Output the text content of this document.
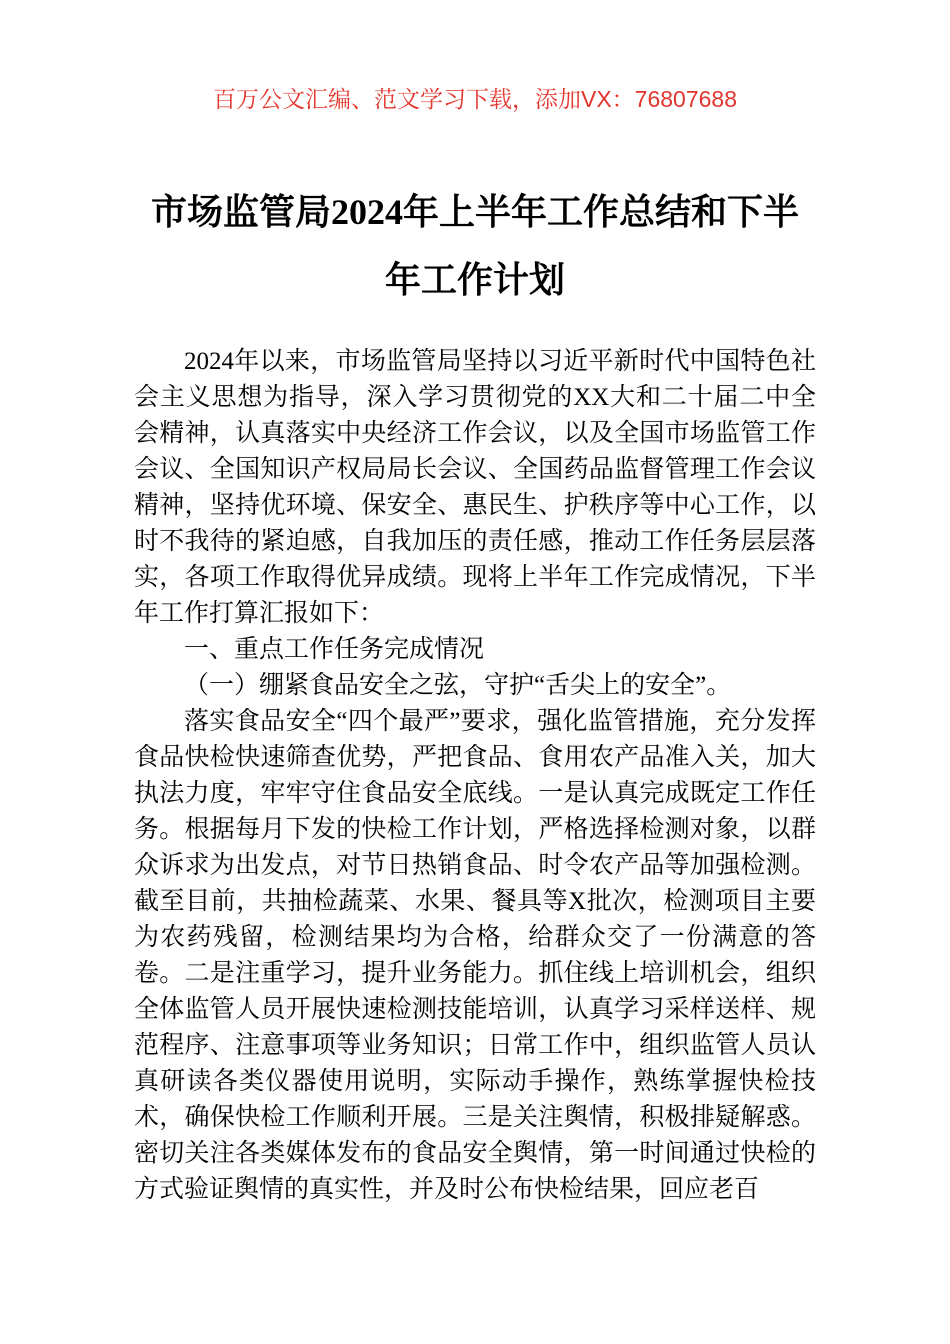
百万公文汇编、范文学习下载，添加VX：76807688
市场监管局2024年上半年工作总结和下半年工作计划

2024年以来，市场监管局坚持以习近平新时代中国特色社会主义思想为指导，深入学习贯彻党的XX大和二十届二中全会精神，认真落实中央经济工作会议，以及全国市场监管工作会议、全国知识产权局局长会议、全国药品监督管理工作会议精神，坚持优环境、保安全、惠民生、护秩序等中心工作，以时不我待的紧迫感，自我加压的责任感，推动工作任务层层落实，各项工作取得优异成绩。现将上半年工作完成情况，下半年工作打算汇报如下：

一、重点工作任务完成情况

（一）绷紧食品安全之弦，守护“舌尖上的安全”。

落实食品安全“四个最严”要求，强化监管措施，充分发挥食品快检快速筛查优势，严把食品、食用农产品准入关，加大执法力度，牢牢守住食品安全底线。一是认真完成既定工作任务。根据每月下发的快检工作计划，严格选择检测对象，以群众诉求为出发点，对节日热销食品、时令农产品等加强检测。截至目前，共抽检蔬菜、水果、餐具等X批次，检测项目主要为农药残留，检测结果均为合格，给群众交了一份满意的答卷。二是注重学习，提升业务能力。抓住线上培训机会，组织全体监管人员开展快速检测技能培训，认真学习采样送样、规范程序、注意事项等业务知识；日常工作中，组织监管人员认真研读各类仪器使用说明，实际动手操作，熟练掌握快检技术，确保快检工作顺利开展。三是关注舆情，积极排疑解惑。密切关注各类媒体发布的食品安全舆情，第一时间通过快检的方式验证舆情的真实性，并及时公布快检结果，回应老百
